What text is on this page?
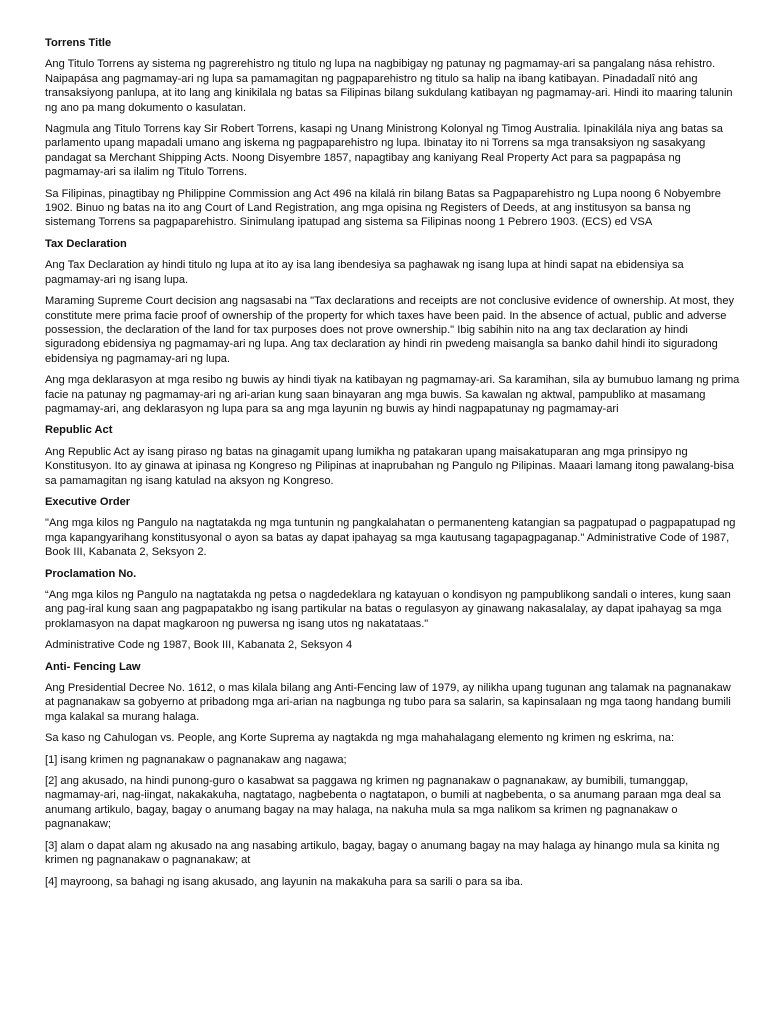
Torrens Title

Ang Titulo Torrens ay sistema ng pagrerehistro ng titulo ng lupa na nagbibigay ng patunay ng pagmamay-ari sa pangalang nása rehistro. Naipapása ang pagmamay-ari ng lupa sa pamamagitan ng pagpaparehistro ng titulo sa halip na ibang katibayan. Pinadadalî nitó ang transaksiyong panlupa, at ito lang ang kinikilala ng batas sa Filipinas bilang sukdulang katibayan ng pagmamay-ari. Hindi ito maaring talunin ng ano pa mang dokumento o kasulatan.

Nagmula ang Titulo Torrens kay Sir Robert Torrens, kasapi ng Unang Ministrong Kolonyal ng Timog Australia. Ipinakilála niya ang batas sa parlamento upang mapadali umano ang iskema ng pagpaparehistro ng lupa. Ibinatay ito ni Torrens sa mga transaksiyon ng sasakyang pandagat sa Merchant Shipping Acts. Noong Disyembre 1857, napagtibay ang kaniyang Real Property Act para sa pagpapása ng pagmamay-ari sa ilalim ng Titulo Torrens.

Sa Filipinas, pinagtibay ng Philippine Commission ang Act 496 na kilalá rin bilang Batas sa Pagpaparehistro ng Lupa noong 6 Nobyembre 1902. Binuo ng batas na ito ang Court of Land Registration, ang mga opisina ng Registers of Deeds, at ang institusyon sa bansa ng sistemang Torrens sa pagpaparehistro. Sinimulang ipatupad ang sistema sa Filipinas noong 1 Pebrero 1903. (ECS) ed VSA

Tax Declaration

Ang Tax Declaration ay hindi titulo ng lupa at ito ay isa lang ibendesiya sa paghawak ng isang lupa at hindi sapat na ebidensiya sa pagmamay-ari ng isang lupa.

Maraming Supreme Court decision ang nagsasabi na "Tax declarations and receipts are not conclusive evidence of ownership. At most, they constitute mere prima facie proof of ownership of the property for which taxes have been paid. In the absence of actual, public and adverse possession, the declaration of the land for tax purposes does not prove ownership." Ibig sabihin nito na ang tax declaration ay hindi siguradong ebidensiya ng pagmamay-ari ng lupa. Ang tax declaration ay hindi rin pwedeng maisangla sa banko dahil hindi ito siguradong ebidensiya ng pagmamay-ari ng lupa.

Ang mga deklarasyon at mga resibo ng buwis ay hindi tiyak na katibayan ng pagmamay-ari. Sa karamihan, sila ay bumubuo lamang ng prima facie na patunay ng pagmamay-ari ng ari-arian kung saan binayaran ang mga buwis. Sa kawalan ng aktwal, pampubliko at masamang pagmamay-ari, ang deklarasyon ng lupa para sa ang mga layunin ng buwis ay hindi nagpapatunay ng pagmamay-ari

Republic Act

Ang Republic Act ay isang piraso ng batas na ginagamit upang lumikha ng patakaran upang maisakatuparan ang mga prinsipyo ng Konstitusyon. Ito ay ginawa at ipinasa ng Kongreso ng Pilipinas at inaprubahan ng Pangulo ng Pilipinas. Maaari lamang itong pawalang-bisa sa pamamagitan ng isang katulad na aksyon ng Kongreso.

Executive Order

"Ang mga kilos ng Pangulo na nagtatakda ng mga tuntunin ng pangkalahatan o permanenteng katangian sa pagpatupad o pagpapatupad ng mga kapangyarihang konstitusyonal o ayon sa batas ay dapat ipahayag sa mga kautusang tagapagpaganap." Administrative Code of 1987, Book III, Kabanata 2, Seksyon 2.

Proclamation No.

“Ang mga kilos ng Pangulo na nagtatakda ng petsa o nagdedeklara ng katayuan o kondisyon ng pampublikong sandali o interes, kung saan ang pag-iral kung saan ang pagpapatakbo ng isang partikular na batas o regulasyon ay ginawang nakasalalay, ay dapat ipahayag sa mga proklamasyon na dapat magkaroon ng puwersa ng isang utos ng nakatataas."

Administrative Code ng 1987, Book III, Kabanata 2, Seksyon 4

Anti- Fencing Law

Ang Presidential Decree No. 1612, o mas kilala bilang ang Anti-Fencing law of 1979, ay nilikha upang tugunan ang talamak na pagnanakaw at pagnanakaw sa gobyerno at pribadong mga ari-arian na nagbunga ng tubo para sa salarin, sa kapinsalaan ng mga taong handang bumili mga kalakal sa murang halaga.

Sa kaso ng Cahulogan vs. People, ang Korte Suprema ay nagtakda ng mga mahahalagang elemento ng krimen ng eskrima, na:

[1] isang krimen ng pagnanakaw o pagnanakaw ang nagawa;

[2] ang akusado, na hindi punong-guro o kasabwat sa paggawa ng krimen ng pagnanakaw o pagnanakaw, ay bumibili, tumanggap, nagmamay-ari, nag-iingat, nakakakuha, nagtatago, nagbebenta o nagtatapon, o bumili at nagbebenta, o sa anumang paraan mga deal sa anumang artikulo, bagay, bagay o anumang bagay na may halaga, na nakuha mula sa mga nalikom sa krimen ng pagnanakaw o pagnanakaw;

[3] alam o dapat alam ng akusado na ang nasabing artikulo, bagay, bagay o anumang bagay na may halaga ay hinango mula sa kinita ng krimen ng pagnanakaw o pagnanakaw; at

[4] mayroong, sa bahagi ng isang akusado, ang layunin na makakuha para sa sarili o para sa iba.
